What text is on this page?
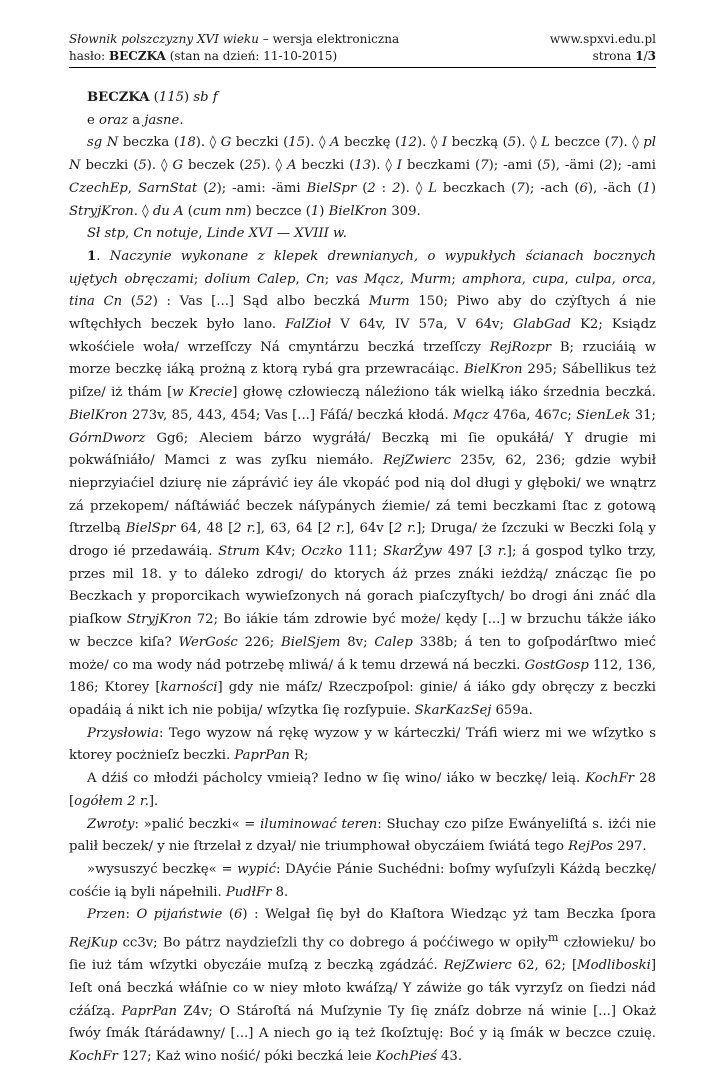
Słownik polszczyzny XVI wieku – wersja elektroniczna	www.spxvi.edu.pl
hasło: BECZKA (stan na dzień: 11-10-2015)	strona 1/3

BECZKA (115) sb f

e oraz a jasne.

sg N beczka (18). ◊ G beczki (15). ◊ A beczkę (12). ◊ I beczką (5). ◊ L beczce (7). ◊ pl N beczki (5). ◊ G beczek (25). ◊ A beczki (13). ◊ I beczkami (7); -ami (5), -ämi (2); -ami CzechEp, SarnStat (2); -ami: -ämi BielSpr (2 : 2). ◊ L beczkach (7); -ach (6), -äch (1) StryjKron. ◊ du A (cum nm) beczce (1) BielKron 309.

Sł stp, Cn notuje, Linde XVI — XVIII w.

1. Naczynie wykonane z klepek drewnianych, o wypukłych ścianach bocznych ujętych obręczami; dolium Calep, Cn; vas Mącz, Murm; amphora, cupa, culpa, orca, tina Cn (52) : Vas [...] Sąd albo beczká Murm 150; Piwo aby do czẏſtych á nie wſtęchłych beczek było lano. FalZioł V 64v, IV 57a, V 64v; GlabGad K2; Ksiądz wkośćiele woła/ wrzeſſczy Ná cmyntárzu beczká trzeſſczy RejRozpr B; rzuciáią w morze beczkę iáką prożną z ktorą rybá gra przewracáiąc. BielKron 295; Sábellikus też piſze/ iż thám [w Krecie] głowę człowieczą náleźiono ták wielką iáko śrzednia beczká. BielKron 273v, 85, 443, 454; Vas [...] Fáſá/ beczká kłodá. Mącz 476a, 467c; SienLek 31; GórnDworz Gg6; Aleciem bárzo wygráłá/ Beczką mi ſie opukáłá/ Y drugie mi pokwáſniáło/ Mamci z was zyſku niemáło. RejZwierc 235v, 62, 236; gdzie wybił nieprzyiaćiel dziurę nie záprávić iey ále vkopáć pod nią dol długi y głęboki/ we wnątrz zá przekopem/ náſtáwiáć beczek náſypánych źiemie/ zá temi beczkami ſtac z gotową ſtrzelbą BielSpr 64, 48 [2 r.], 63, 64 [2 r.], 64v [2 r.]; Druga/ że ſzczuki w Beczki ſolą y drogo ié przedawáią. Strum K4v; Oczko 111; SkarŻyw 497 [3 r.]; á gospod tylko trzy, przes mil 18. y to dáleko zdrogi/ do ktorych áż przes znáki ieżdżą/ znácząc ſie po Beczkach y proporcikach wywieſzonych ná gorach piaſczyſtych/ bo drogi áni znáć dla piaſkow StryjKron 72; Bo iákie tám zdrowie być może/ kędy [...] w brzuchu tákże iáko w beczce kiſa? WerGośc 226; BielSjem 8v; Calep 338b; á ten to goſpodárſtwo mieć może/ co ma wody nád potrzebę mliwá/ á k temu drzewá ná beczki. GostGosp 112, 136, 186; Ktorey [karności] gdy nie máſz/ Rzeczpoſpol: ginie/ á iáko gdy obręczy z beczki opadáią á nikt ich nie pobija/ wſzytka ſię rozſypuie. SkarKazSej 659a.

Przysłowia: Tego wyzow ná rękę wyzow y w kárteczki/ Tráfi wierz mi we wſzytko s ktorey pocżnieſz beczki. PaprPan R;

A dźiś co młodźi pácholcy vmieią? Iedno w ſię wino/ iáko w beczkę/ leią. KochFr 28 [ogółem 2 r.].

Zwroty: »palić beczki« = iluminować teren: Słuchay czo piſze Ewányeliſtá s. iżći nie palił beczek/ y nie ſtrzelał z dzyał/ nie triumphował obyczáiem ſwiátá tego RejPos 297.

»wysuszyć beczkę« = wypić: DAyćie Pánie Suchédni: boſmy wyſuſzyli Káżdą beczkę/ cośćie ią byli nápełnili. PudłFr 8.

Przen: O pijaństwie (6) : Welgał ſię był do Kłaſtora Wiedząc yż tam Beczka ſpora RejKup cc3v; Bo pátrz naydzieſzli thy co dobrego á poććiwego w opiły$^m$ człowieku/ bo ſie iuż tám wſzytki obyczáie muſzą z beczką zgádzáć. RejZwierc 62, 62; [Modliboski] Ieſt oná beczká włáſnie co w niey młoto kwáſzą/ Y záwiże go ták vyrzyſz on ſiedzi nád cźáſzą. PaprPan Z4v; O Stároſtá ná Muſzynie Ty ſię znáſz dobrze ná winie [...] Okaż ſwóy ſmák ſtárádawny/ [...] A niech go ią też ſkoſztuję: Boć y ią ſmák w beczce czuię. KochFr 127; Każ wino nośić/ póki beczká leie KochPieś 43.
